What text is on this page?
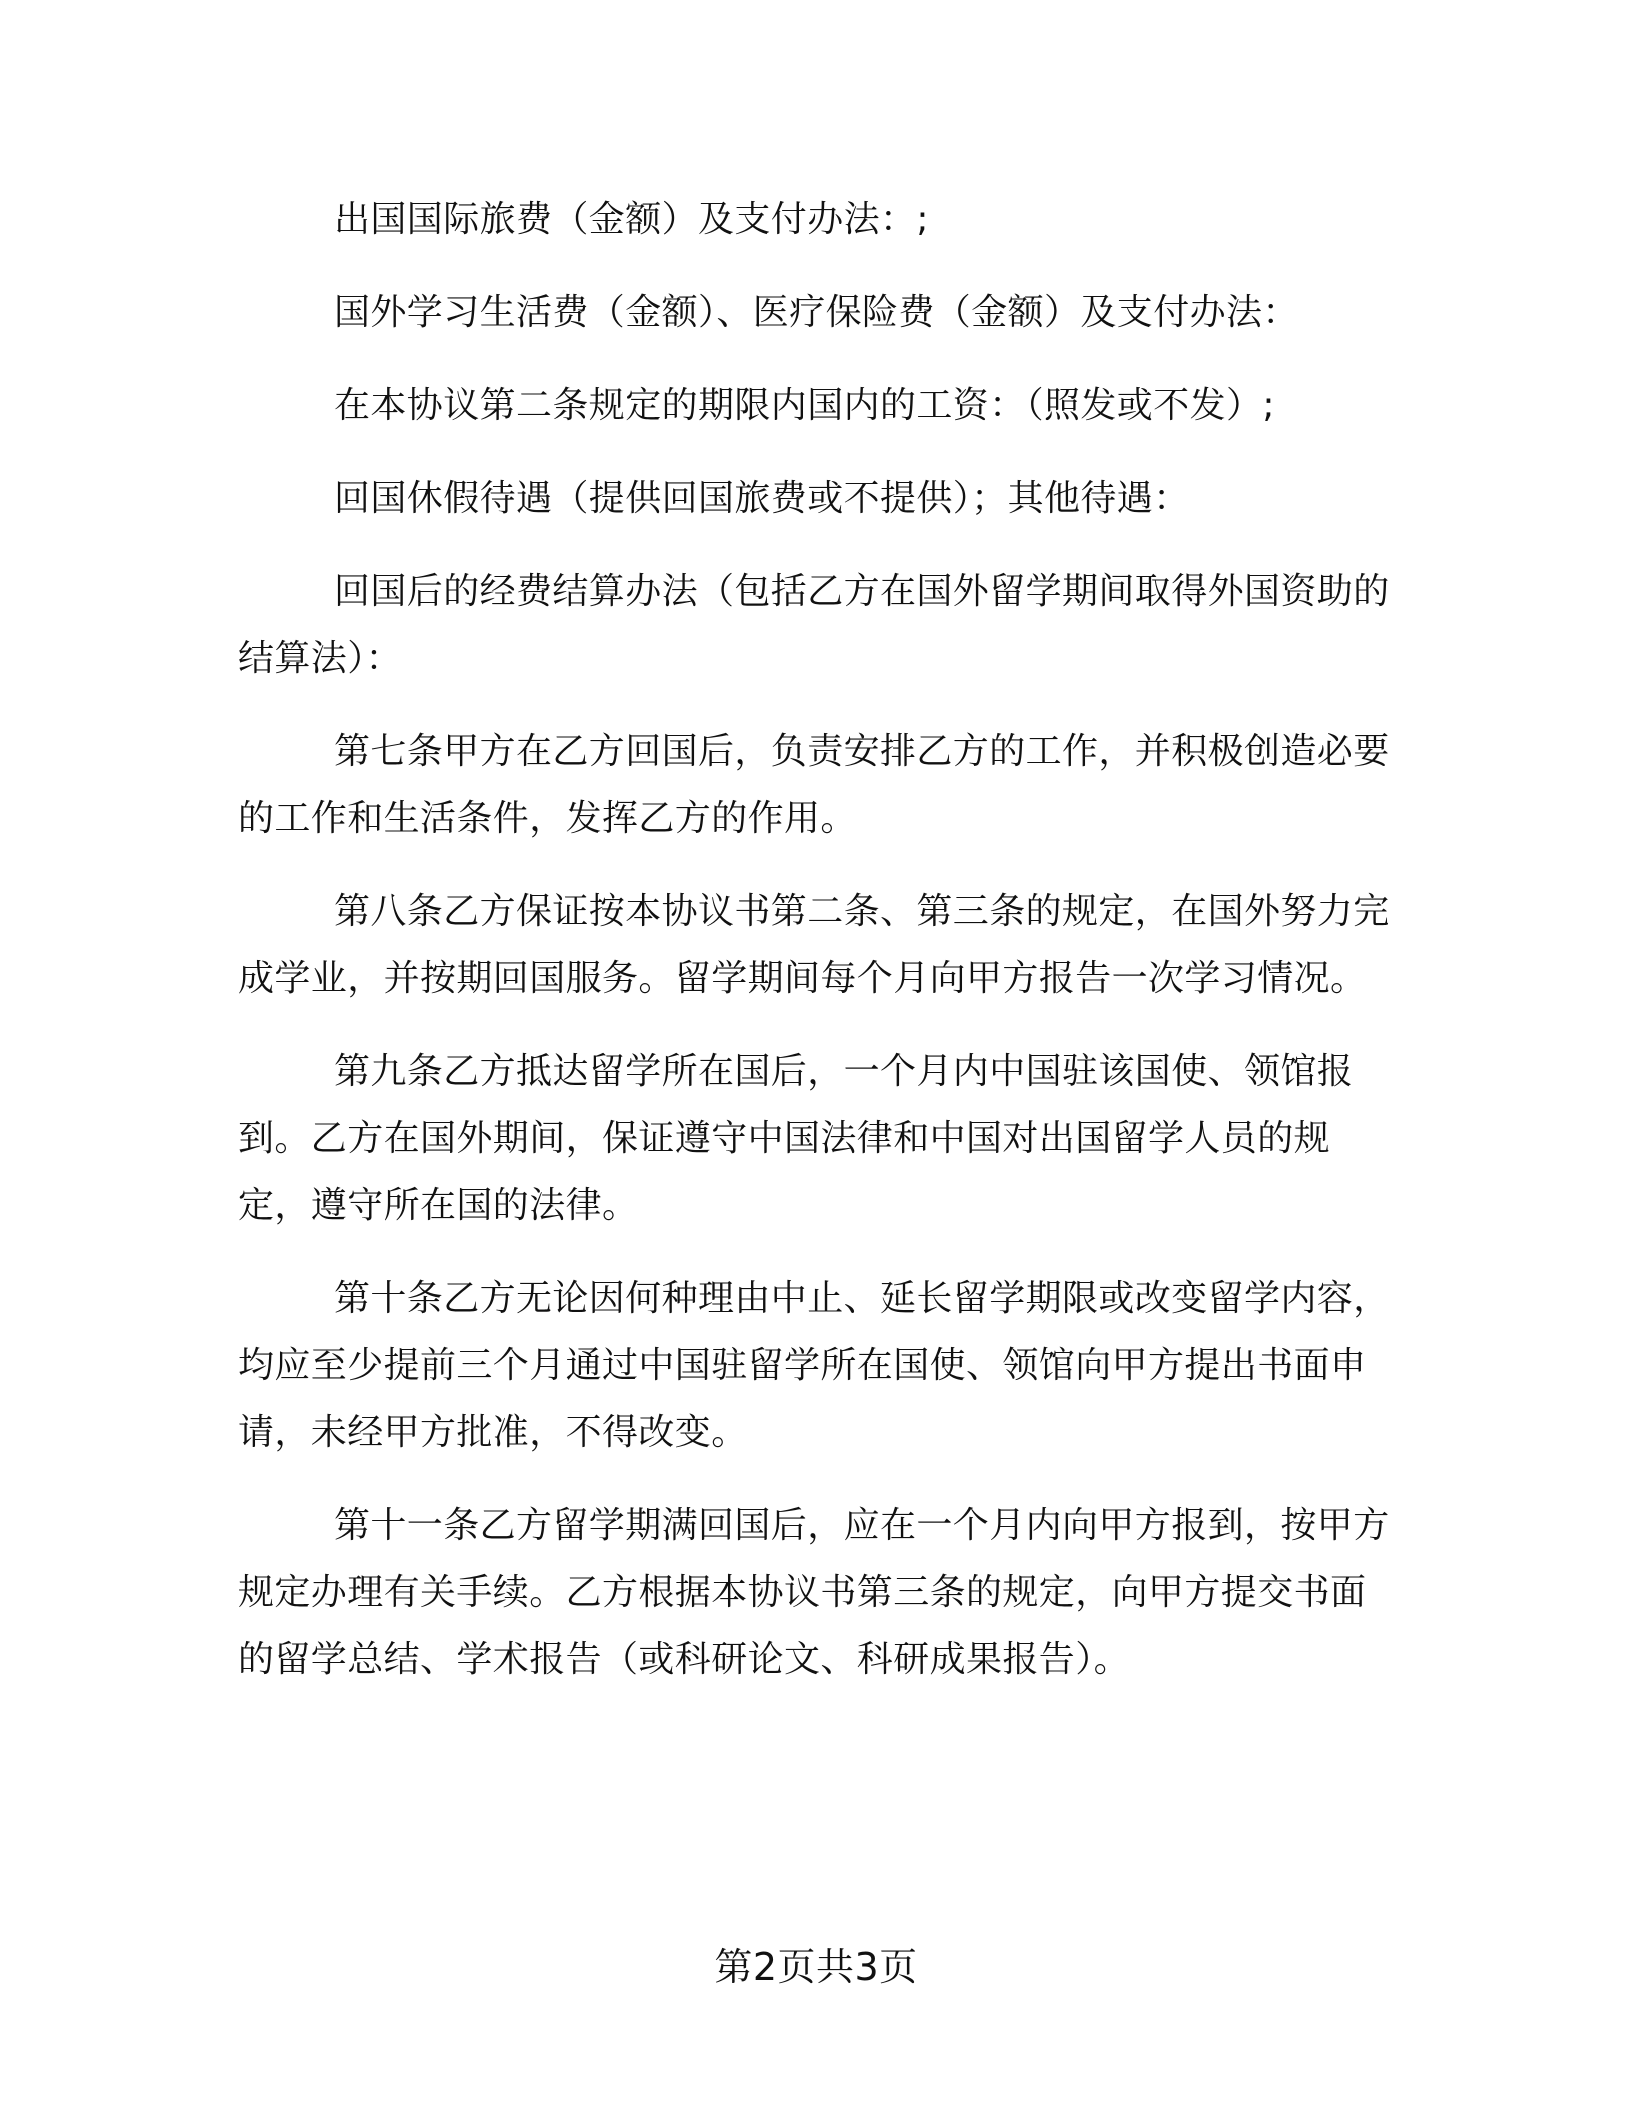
出国国际旅费（金额）及支付办法：;

国外学习生活费（金额）、医疗保险费（金额）及支付办法：

在本协议第二条规定的期限内国内的工资：（照发或不发）;

回国休假待遇（提供回国旅费或不提供）；其他待遇：

回国后的经费结算办法（包括乙方在国外留学期间取得外国资助的结算法）：

第七条甲方在乙方回国后，负责安排乙方的工作，并积极创造必要的工作和生活条件，发挥乙方的作用。

第八条乙方保证按本协议书第二条、第三条的规定，在国外努力完成学业，并按期回国服务。留学期间每个月向甲方报告一次学习情况。

第九条乙方抵达留学所在国后，一个月内中国驻该国使、领馆报到。乙方在国外期间，保证遵守中国法律和中国对出国留学人员的规定，遵守所在国的法律。

第十条乙方无论因何种理由中止、延长留学期限或改变留学内容，均应至少提前三个月通过中国驻留学所在国使、领馆向甲方提出书面申请，未经甲方批准，不得改变。

第十一条乙方留学期满回国后，应在一个月内向甲方报到，按甲方规定办理有关手续。乙方根据本协议书第三条的规定，向甲方提交书面的留学总结、学术报告（或科研论文、科研成果报告）。

第2页共3页
